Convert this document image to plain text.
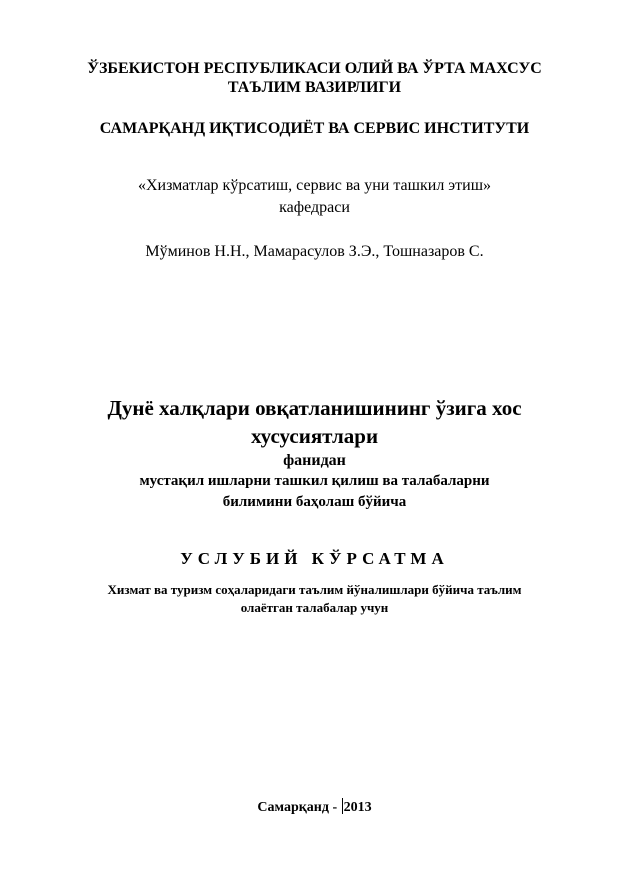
ЎЗБЕКИСТОН РЕСПУБЛИКАСИ ОЛИЙ ВА ЎРТА МАХСУС
ТАЪЛИМ ВАЗИРЛИГИ
САМАРҚАНД ИҚТИСОДИЁТ ВА СЕРВИС ИНСТИТУТИ
«Хизматлар кўрсатиш, сервис ва уни ташкил этиш»
кафедраси
Мўминов Н.Н., Мамарасулов З.Э., Тошназаров С.
Дунё халқлари овқатланишининг ўзига хос
хусусиятлари
фанидан
мустақил ишларни ташкил қилиш ва талабаларни
билимини баҳолаш бўйича
УСЛУБИЙ КЎРСАТМА
Хизмат ва туризм соҳаларидаги таълим йўналишлари бўйича таълим
олаётган талабалар учун
Самарқанд - 2013
